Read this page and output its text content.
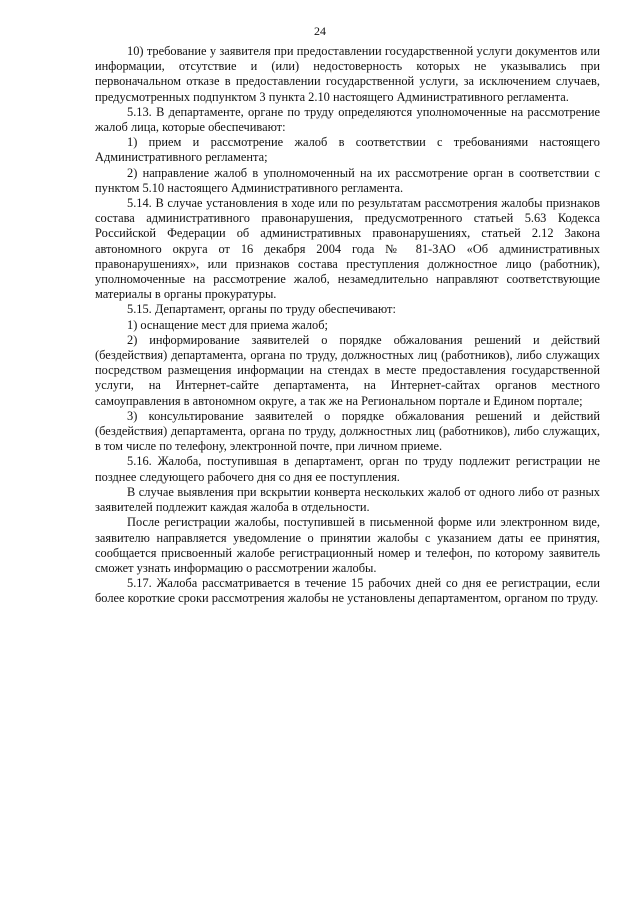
24

10) требование у заявителя при предоставлении государственной услуги документов или информации, отсутствие и (или) недостоверность которых не указывались при первоначальном отказе в предоставлении государственной услуги, за исключением случаев, предусмотренных подпунктом 3 пункта 2.10 настоящего Административного регламента.

5.13. В департаменте, органе по труду определяются уполномоченные на рассмотрение жалоб лица, которые обеспечивают:

1) прием и рассмотрение жалоб в соответствии с требованиями настоящего Административного регламента;

2) направление жалоб в уполномоченный на их рассмотрение орган в соответствии с пунктом 5.10 настоящего Административного регламента.

5.14. В случае установления в ходе или по результатам рассмотрения жалобы признаков состава административного правонарушения, предусмотренного статьей 5.63 Кодекса Российской Федерации об административных правонарушениях, статьей 2.12 Закона автономного округа от 16 декабря 2004 года № 81-ЗАО «Об административных правонарушениях», или признаков состава преступления должностное лицо (работник), уполномоченные на рассмотрение жалоб, незамедлительно направляют соответствующие материалы в органы прокуратуры.

5.15. Департамент, органы по труду обеспечивают:

1) оснащение мест для приема жалоб;

2) информирование заявителей о порядке обжалования решений и действий (бездействия) департамента, органа по труду, должностных лиц (работников), либо служащих посредством размещения информации на стендах в месте предоставления государственной услуги, на Интернет-сайте департамента, на Интернет-сайтах органов местного самоуправления в автономном округе, а так же на Региональном портале и Едином портале;

3) консультирование заявителей о порядке обжалования решений и действий (бездействия) департамента, органа по труду, должностных лиц (работников), либо служащих, в том числе по телефону, электронной почте, при личном приеме.

5.16. Жалоба, поступившая в департамент, орган по труду подлежит регистрации не позднее следующего рабочего дня со дня ее поступления.

В случае выявления при вскрытии конверта нескольких жалоб от одного либо от разных заявителей подлежит каждая жалоба в отдельности.

После регистрации жалобы, поступившей в письменной форме или электронном виде, заявителю направляется уведомление о принятии жалобы с указанием даты ее принятия, сообщается присвоенный жалобе регистрационный номер и телефон, по которому заявитель сможет узнать информацию о рассмотрении жалобы.

5.17. Жалоба рассматривается в течение 15 рабочих дней со дня ее регистрации, если более короткие сроки рассмотрения жалобы не установлены департаментом, органом по труду.
